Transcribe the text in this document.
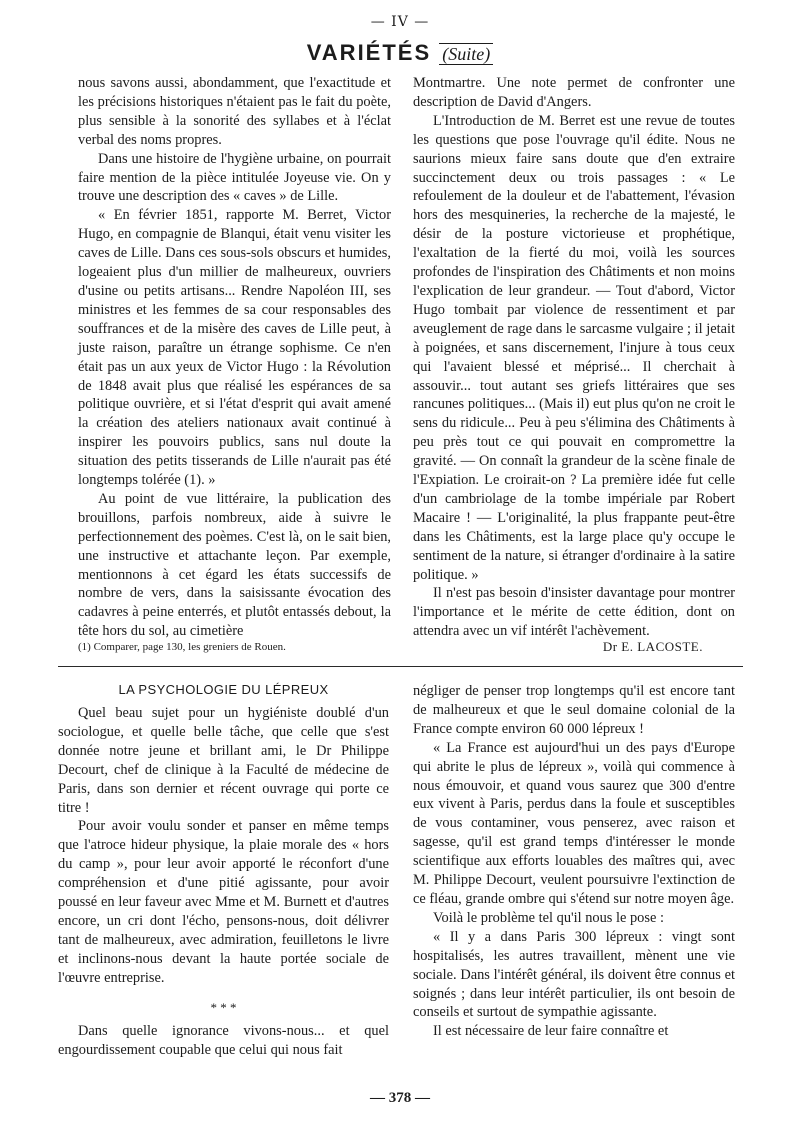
— IV —
VARIÉTÉS (Suite)

nous savons aussi, abondamment, que l'exactitude et les précisions historiques n'étaient pas le fait du poète, plus sensible à la sonorité des syllabes et à l'éclat verbal des noms propres.

Dans une histoire de l'hygiène urbaine, on pourrait faire mention de la pièce intitulée Joyeuse vie. On y trouve une description des « caves » de Lille.

« En février 1851, rapporte M. Berret, Victor Hugo, en compagnie de Blanqui, était venu visiter les caves de Lille. Dans ces sous-sols obscurs et humides, logeaient plus d'un millier de malheureux, ouvriers d'usine ou petits artisans... Rendre Napoléon III, ses ministres et les femmes de sa cour responsables des souffrances et de la misère des caves de Lille peut, à juste raison, paraître un étrange sophisme. Ce n'en était pas un aux yeux de Victor Hugo : la Révolution de 1848 avait plus que réalisé les espérances de sa politique ouvrière, et si l'état d'esprit qui avait amené la création des ateliers nationaux avait continué à inspirer les pouvoirs publics, sans nul doute la situation des petits tisserands de Lille n'aurait pas été longtemps tolérée (1). »

Au point de vue littéraire, la publication des brouillons, parfois nombreux, aide à suivre le perfectionnement des poèmes. C'est là, on le sait bien, une instructive et attachante leçon. Par exemple, mentionnons à cet égard les états successifs de nombre de vers, dans la saisissante évocation des cadavres à peine enterrés, et plutôt entassés debout, la tête hors du sol, au cimetière

Montmartre. Une note permet de confronter une description de David d'Angers.

L'Introduction de M. Berret est une revue de toutes les questions que pose l'ouvrage qu'il édite. Nous ne saurions mieux faire sans doute que d'en extraire succinctement deux ou trois passages : « Le refoulement de la douleur et de l'abattement, l'évasion hors des mesquineries, la recherche de la majesté, le désir de la posture victorieuse et prophétique, l'exaltation de la fierté du moi, voilà les sources profondes de l'inspiration des Châtiments et non moins l'explication de leur grandeur. — Tout d'abord, Victor Hugo tombait par violence de ressentiment et par aveuglement de rage dans le sarcasme vulgaire ; il jetait à poignées, et sans discernement, l'injure à tous ceux qui l'avaient blessé et méprisé... Il cherchait à assouvir... tout autant ses griefs littéraires que ses rancunes politiques... (Mais il) eut plus qu'on ne croit le sens du ridicule... Peu à peu s'élimina des Châtiments à peu près tout ce qui pouvait en compromettre la gravité. — On connaît la grandeur de la scène finale de l'Expiation. Le croirait-on ? La première idée fut celle d'un cambriolage de la tombe impériale par Robert Macaire ! — L'originalité, la plus frappante peut-être dans les Châtiments, est la large place qu'y occupe le sentiment de la nature, si étranger d'ordinaire à la satire politique. »

Il n'est pas besoin d'insister davantage pour montrer l'importance et le mérite de cette édition, dont on attendra avec un vif intérêt l'achèvement.

(1) Comparer, page 130, les greniers de Rouen.	Dr E. LACOSTE.
LA PSYCHOLOGIE DU LÉPREUX

Quel beau sujet pour un hygiéniste doublé d'un sociologue, et quelle belle tâche, que celle que s'est donnée notre jeune et brillant ami, le Dr Philippe Decourt, chef de clinique à la Faculté de médecine de Paris, dans son dernier et récent ouvrage qui porte ce titre !

Pour avoir voulu sonder et panser en même temps que l'atroce hideur physique, la plaie morale des « hors du camp », pour leur avoir apporté le réconfort d'une compréhension et d'une pitié agissante, pour avoir poussé en leur faveur avec Mme et M. Burnett et d'autres encore, un cri dont l'écho, pensons-nous, doit délivrer tant de malheureux, avec admiration, feuilletons le livre et inclinons-nous devant la haute portée sociale de l'œuvre entreprise.

* * *

Dans quelle ignorance vivons-nous... et quel engourdissement coupable que celui qui nous fait

négliger de penser trop longtemps qu'il est encore tant de malheureux et que le seul domaine colonial de la France compte environ 60 000 lépreux !

« La France est aujourd'hui un des pays d'Europe qui abrite le plus de lépreux », voilà qui commence à nous émouvoir, et quand vous saurez que 300 d'entre eux vivent à Paris, perdus dans la foule et susceptibles de vous contaminer, vous penserez, avec raison et sagesse, qu'il est grand temps d'intéresser le monde scientifique aux efforts louables des maîtres qui, avec M. Philippe Decourt, veulent poursuivre l'extinction de ce fléau, grande ombre qui s'étend sur notre moyen âge.

Voilà le problème tel qu'il nous le pose :

« Il y a dans Paris 300 lépreux : vingt sont hospitalisés, les autres travaillent, mènent une vie sociale. Dans l'intérêt général, ils doivent être connus et soignés ; dans leur intérêt particulier, ils ont besoin de conseils et surtout de sympathie agissante.

Il est nécessaire de leur faire connaître et

— 378 —
